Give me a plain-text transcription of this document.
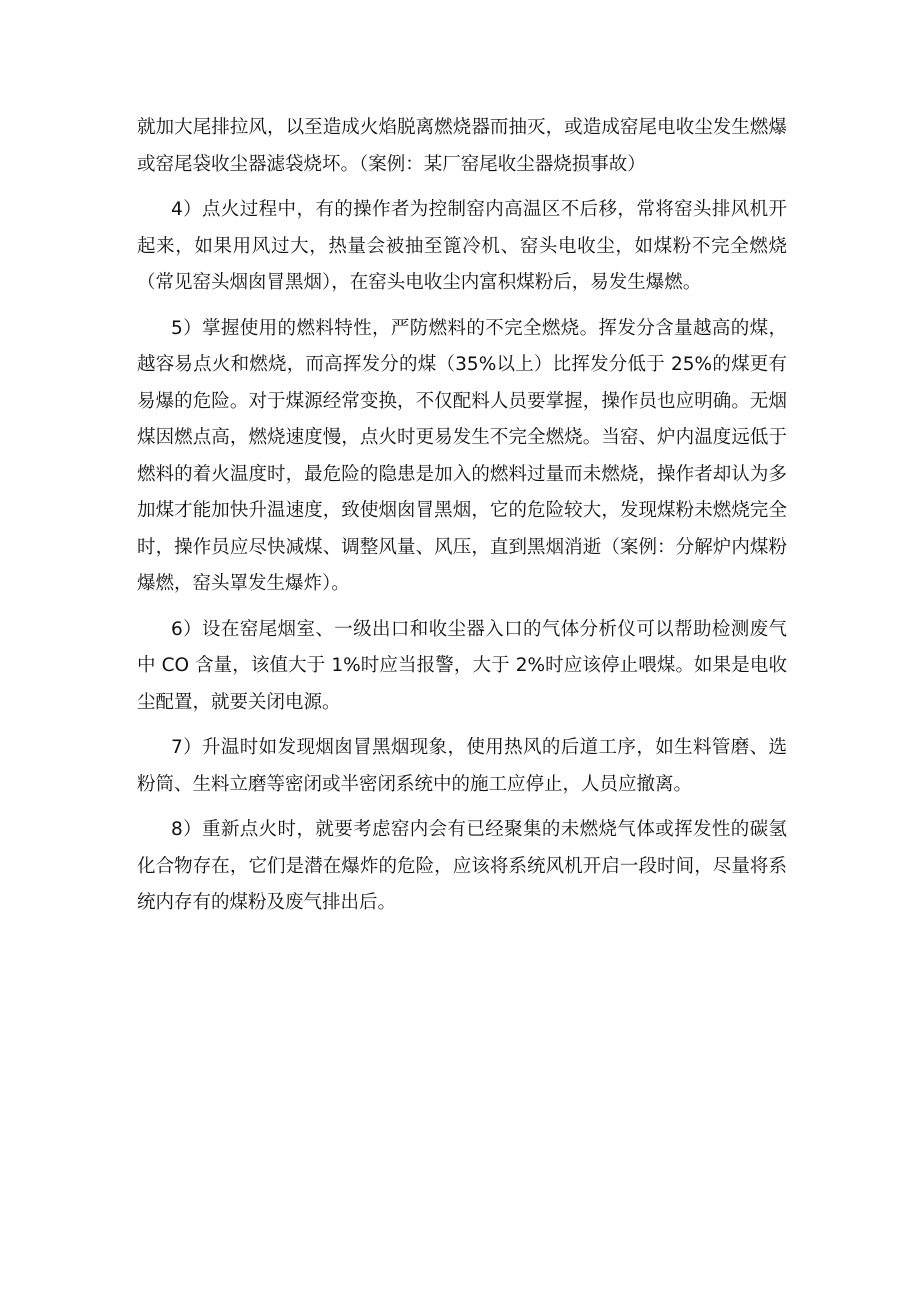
就加大尾排拉风，以至造成火焰脱离燃烧器而抽灭，或造成窑尾电收尘发生燃爆或窑尾袋收尘器滤袋烧坏。（案例：某厂窑尾收尘器烧损事故）

4）点火过程中，有的操作者为控制窑内高温区不后移，常将窑头排风机开起来，如果用风过大，热量会被抽至篦冷机、窑头电收尘，如煤粉不完全燃烧（常见窑头烟囱冒黑烟），在窑头电收尘内富积煤粉后，易发生爆燃。

5）掌握使用的燃料特性，严防燃料的不完全燃烧。挥发分含量越高的煤，越容易点火和燃烧，而高挥发分的煤（35%以上）比挥发分低于 25%的煤更有易爆的危险。对于煤源经常变换，不仅配料人员要掌握，操作员也应明确。无烟煤因燃点高，燃烧速度慢，点火时更易发生不完全燃烧。当窑、炉内温度远低于燃料的着火温度时，最危险的隐患是加入的燃料过量而未燃烧，操作者却认为多加煤才能加快升温速度，致使烟囱冒黑烟，它的危险较大，发现煤粉未燃烧完全时，操作员应尽快减煤、调整风量、风压，直到黑烟消逝（案例：分解炉内煤粉爆燃，窑头罩发生爆炸）。

6）设在窑尾烟室、一级出口和收尘器入口的气体分析仪可以帮助检测废气中 CO 含量，该值大于 1%时应当报警，大于 2%时应该停止喂煤。如果是电收尘配置，就要关闭电源。

7）升温时如发现烟囱冒黑烟现象，使用热风的后道工序，如生料管磨、选粉筒、生料立磨等密闭或半密闭系统中的施工应停止，人员应撤离。

8）重新点火时，就要考虑窑内会有已经聚集的未燃烧气体或挥发性的碳氢化合物存在，它们是潜在爆炸的危险，应该将系统风机开启一段时间，尽量将系统内存有的煤粉及废气排出后。
